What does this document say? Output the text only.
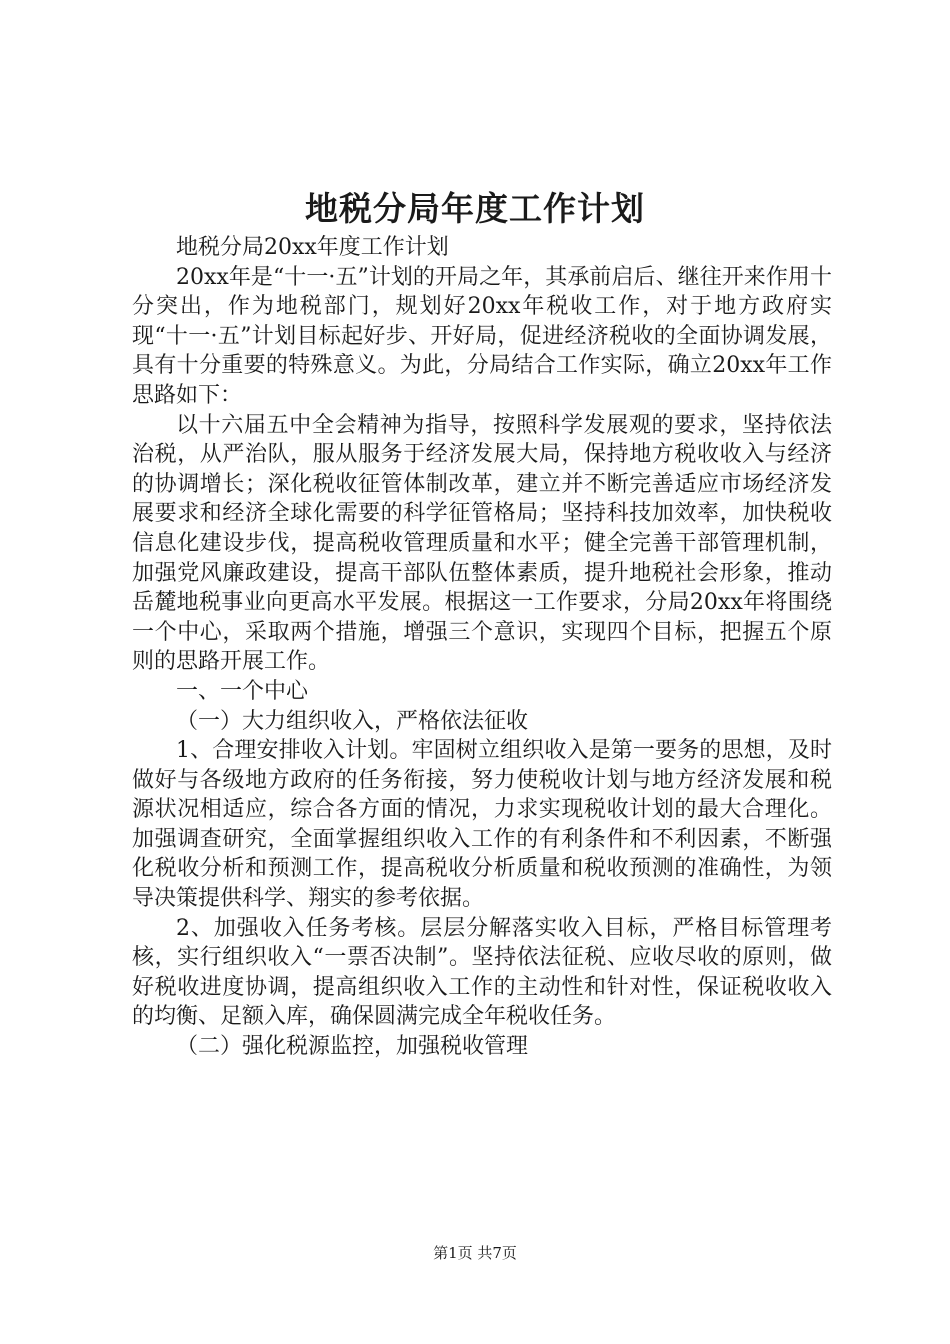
地税分局年度工作计划

地税分局20xx年度工作计划

20xx年是“十一·五”计划的开局之年，其承前启后、继往开来作用十分突出，作为地税部门，规划好20xx年税收工作，对于地方政府实现“十一·五”计划目标起好步、开好局，促进经济税收的全面协调发展，具有十分重要的特殊意义。为此，分局结合工作实际，确立20xx年工作思路如下：

以十六届五中全会精神为指导，按照科学发展观的要求，坚持依法治税，从严治队，服从服务于经济发展大局，保持地方税收收入与经济的协调增长；深化税收征管体制改革，建立并不断完善适应市场经济发展要求和经济全球化需要的科学征管格局；坚持科技加效率，加快税收信息化建设步伐，提高税收管理质量和水平；健全完善干部管理机制，加强党风廉政建设，提高干部队伍整体素质，提升地税社会形象，推动岳麓地税事业向更高水平发展。根据这一工作要求，分局20xx年将围绕一个中心，采取两个措施，增强三个意识，实现四个目标，把握五个原则的思路开展工作。

一、一个中心

（一）大力组织收入，严格依法征收

1、合理安排收入计划。牢固树立组织收入是第一要务的思想，及时做好与各级地方政府的任务衔接，努力使税收计划与地方经济发展和税源状况相适应，综合各方面的情况，力求实现税收计划的最大合理化。加强调查研究，全面掌握组织收入工作的有利条件和不利因素，不断强化税收分析和预测工作，提高税收分析质量和税收预测的准确性，为领导决策提供科学、翔实的参考依据。

2、加强收入任务考核。层层分解落实收入目标，严格目标管理考核，实行组织收入“一票否决制”。坚持依法征税、应收尽收的原则，做好税收进度协调，提高组织收入工作的主动性和针对性，保证税收收入的均衡、足额入库，确保圆满完成全年税收任务。

（二）强化税源监控，加强税收管理

第1页 共7页
